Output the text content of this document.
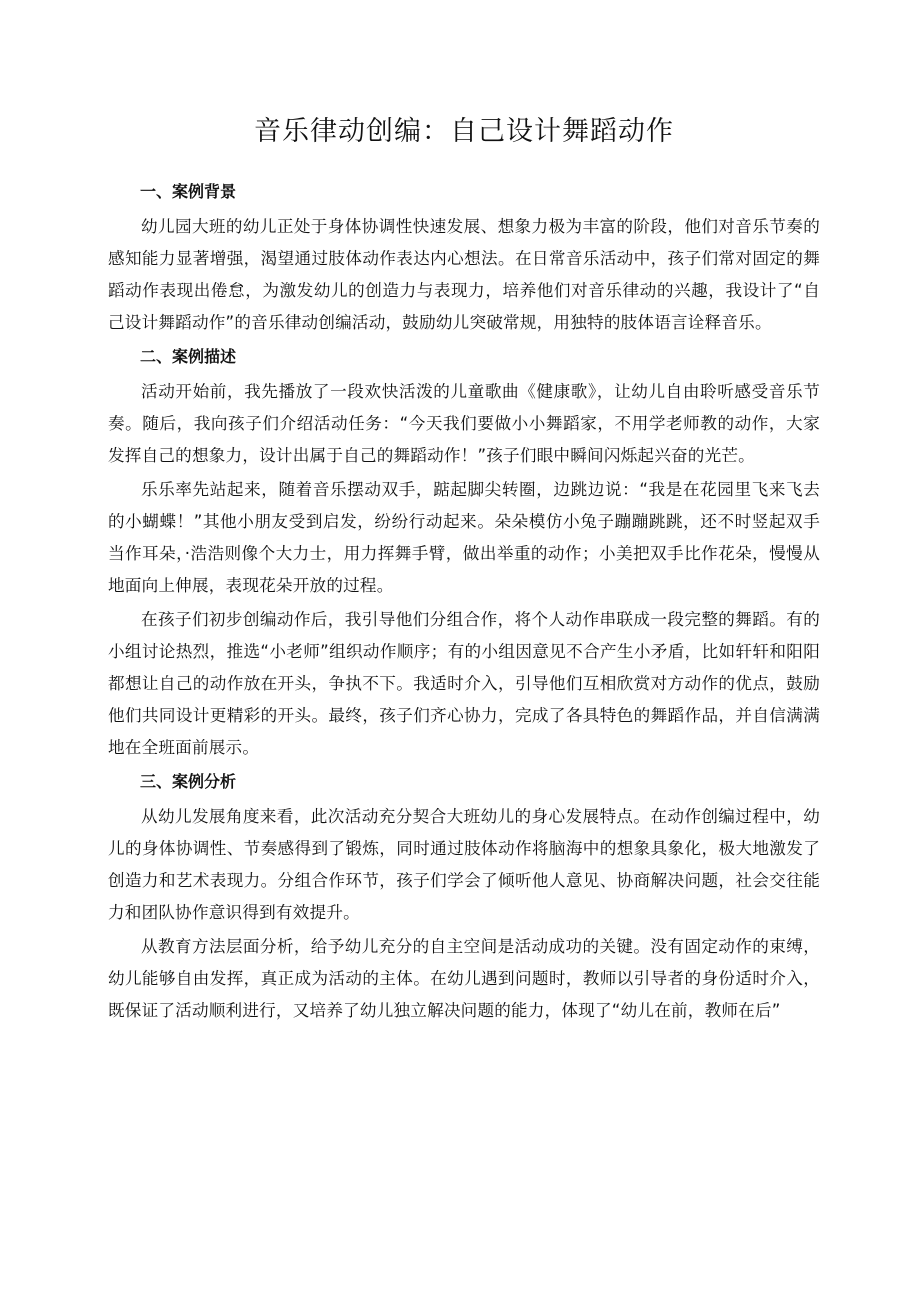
音乐律动创编：自己设计舞蹈动作
一、案例背景

幼儿园大班的幼儿正处于身体协调性快速发展、想象力极为丰富的阶段，他们对音乐节奏的感知能力显著增强，渴望通过肢体动作表达内心想法。在日常音乐活动中，孩子们常对固定的舞蹈动作表现出倦怠，为激发幼儿的创造力与表现力，培养他们对音乐律动的兴趣，我设计了“自己设计舞蹈动作”的音乐律动创编活动，鼓励幼儿突破常规，用独特的肢体语言诠释音乐。

二、案例描述

活动开始前，我先播放了一段欢快活泼的儿童歌曲《健康歌》，让幼儿自由聆听感受音乐节奏。随后，我向孩子们介绍活动任务：“今天我们要做小小舞蹈家，不用学老师教的动作，大家发挥自己的想象力，设计出属于自己的舞蹈动作！”孩子们眼中瞬间闪烁起兴奋的光芒。

乐乐率先站起来，随着音乐摆动双手，踮起脚尖转圈，边跳边说：“我是在花园里飞来飞去的小蝴蝶！”其他小朋友受到启发，纷纷行动起来。朵朵模仿小兔子蹦蹦跳跳，还不时竖起双手当作耳朵，·浩浩则像个大力士，用力挥舞手臂，做出举重的动作；小美把双手比作花朵，慢慢从地面向上伸展，表现花朵开放的过程。

在孩子们初步创编动作后，我引导他们分组合作，将个人动作串联成一段完整的舞蹈。有的小组讨论热烈，推选“小老师”组织动作顺序；有的小组因意见不合产生小矛盾，比如轩轩和阳阳都想让自己的动作放在开头，争执不下。我适时介入，引导他们互相欣赏对方动作的优点，鼓励他们共同设计更精彩的开头。最终，孩子们齐心协力，完成了各具特色的舞蹈作品，并自信满满地在全班面前展示。

三、案例分析

从幼儿发展角度来看，此次活动充分契合大班幼儿的身心发展特点。在动作创编过程中，幼儿的身体协调性、节奏感得到了锻炼，同时通过肢体动作将脑海中的想象具象化，极大地激发了创造力和艺术表现力。分组合作环节，孩子们学会了倾听他人意见、协商解决问题，社会交往能力和团队协作意识得到有效提升。

从教育方法层面分析，给予幼儿充分的自主空间是活动成功的关键。没有固定动作的束缚，幼儿能够自由发挥，真正成为活动的主体。在幼儿遇到问题时，教师以引导者的身份适时介入，既保证了活动顺利进行，又培养了幼儿独立解决问题的能力，体现了“幼儿在前，教师在后”
